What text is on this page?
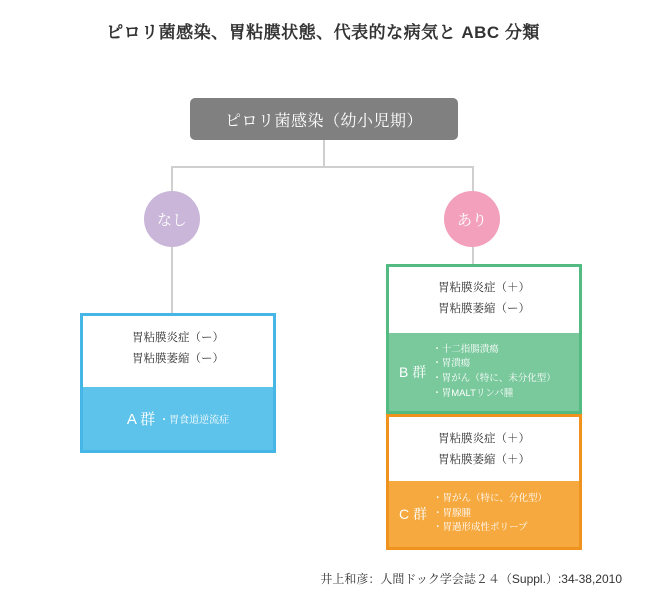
ピロリ菌感染、胃粘膜状態、代表的な病気と ABC 分類
ピロリ菌感染（幼小児期）
なし	あり
胃粘膜炎症（ー）
胃粘膜萎縮（ー）
A 群 ・胃食道逆流症
胃粘膜炎症（＋）
胃粘膜萎縮（ー）
B 群
・十二指腸潰瘍
・胃潰瘍
・胃がん（特に、未分化型）
・胃MALTリンパ腫
胃粘膜炎症（＋）
胃粘膜萎縮（＋）
C 群
・胃がん（特に、分化型）
・胃腺腫
・胃過形成性ポリープ
井上和彦：人間ドック学会誌２４（Suppl.）:34-38,2010
